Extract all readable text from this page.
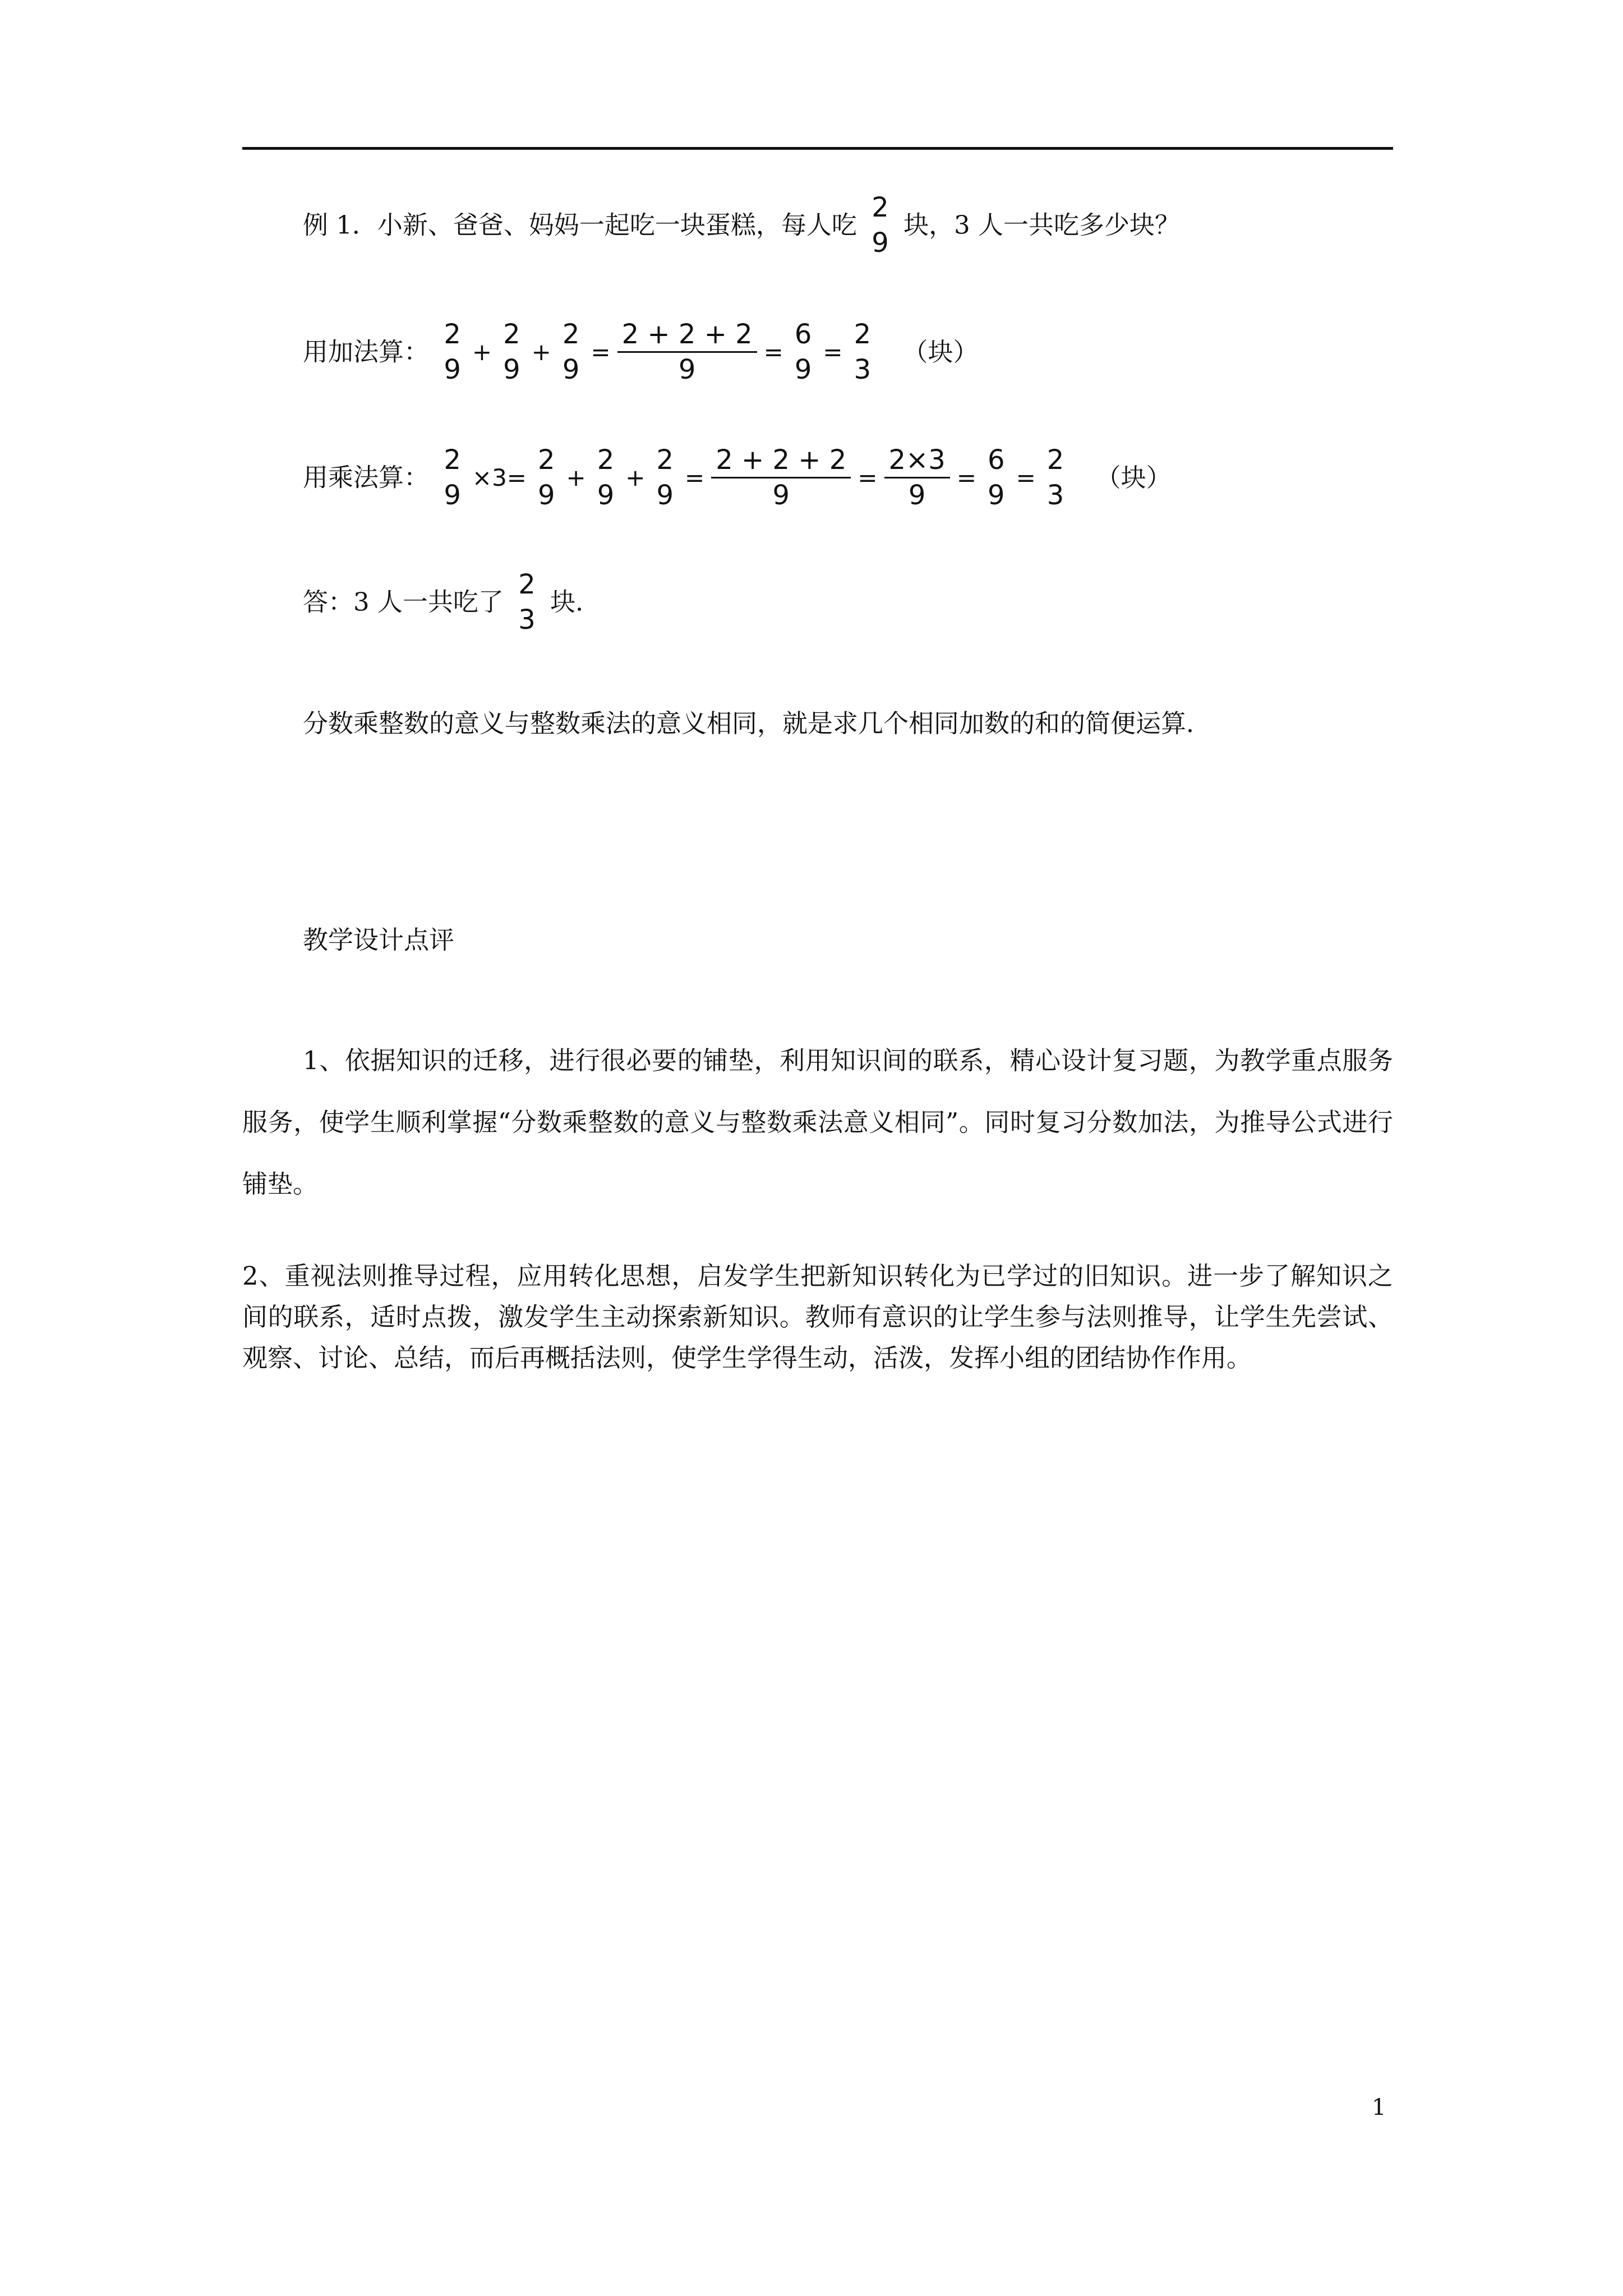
例 1．小新、爸爸、妈妈一起吃一块蛋糕，每人吃
2
9
块，3 人一共吃多少块？
用加法算：
2
9
+
2
9
+
2
9
= $\frac{2 + 2 + 2}{9}$ =
6
9
=
2
3
（块）
用乘法算：
2
9
×3=
2
9
+
2
9
+
2
9
= $\frac{2 + 2 + 2}{9} = \frac{2\times 3}{9}$ =
6
9
=
2
3
（块）
答：3 人一共吃了
2
3
块．
分数乘整数的意义与整数乘法的意义相同，就是求几个相同加数的和的简便运算．
教学设计点评
1、依据知识的迁移，进行很必要的铺垫，利用知识间的联系，精心设计复习题，为教学重点服务服务，使学生顺利掌握“分数乘整数的意义与整数乘法意义相同”。同时复习分数加法，为推导公式进行铺垫。
2、重视法则推导过程，应用转化思想，启发学生把新知识转化为已学过的旧知识。进一步了解知识之间的联系，适时点拨，激发学生主动探索新知识。教师有意识的让学生参与法则推导，让学生先尝试、观察、讨论、总结，而后再概括法则，使学生学得生动，活泼，发挥小组的团结协作作用。
1
